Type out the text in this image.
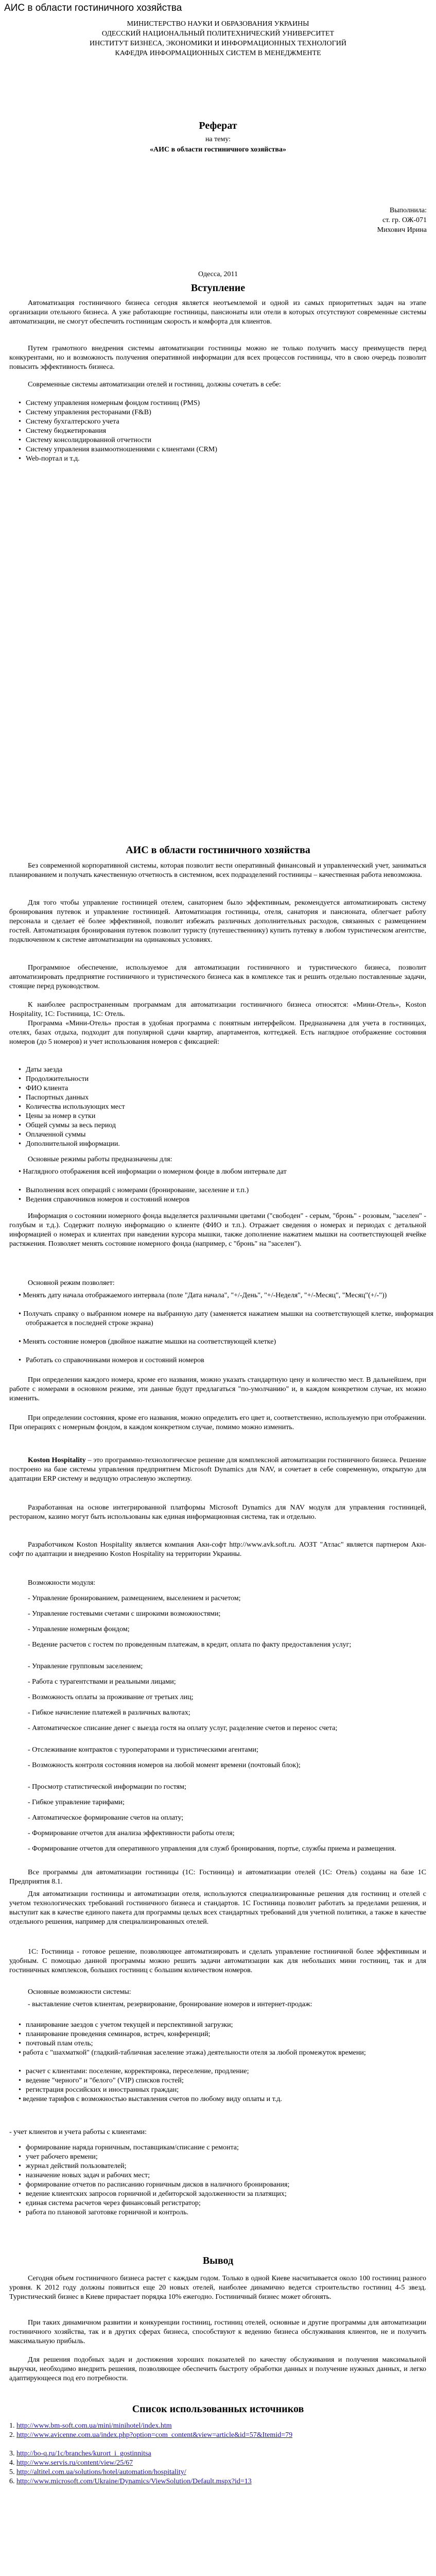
АИС в области гостиничного хозяйства
МИНИСТЕРСТВО НАУКИ И ОБРАЗОВАНИЯ УКРАИНЫ
ОДЕССКИЙ НАЦИОНАЛЬНЫЙ ПОЛИТЕХНИЧЕСКИЙ УНИВЕРСИТЕТ
ИНСТИТУТ БИЗНЕСА, ЭКОНОМИКИ И ИНФОРМАЦИОННЫХ ТЕХНОЛОГИЙ
КАФЕДРА ИНФОРМАЦИОННЫХ СИСТЕМ В МЕНЕДЖМЕНТЕ
Реферат
на тему:
«АИС в области гостиничного хозяйства»
Выполнила:
ст. гр. ОЖ-071
Михович Ирина
Одесса, 2011
Вступление
Автоматизация гостиничного бизнеса сегодня является неотъемлемой и одной из самых приоритетных задач на этапе организации отельного бизнеса. А уже работающие гостиницы, пансионаты или отели в которых отсутствуют современные системы автоматизации, не смогут обеспечить гостиницам скорость и комфорта для клиентов.
Путем грамотного внедрения системы автоматизации гостиницы можно не только получить массу преимуществ перед конкурентами, но и возможность получения оперативной информации для всех процессов гостиницы, что в свою очередь позволит повысить эффективность бизнеса.
Современные системы автоматизации отелей и гостиниц, должны сочетать в себе:
• Систему управления номерным фондом гостиниц (PMS)
• Систему управления ресторанами (F&B)
• Систему бухгалтерского учета
• Систему бюджетирования
• Систему консолидированной отчетности
• Систему управления взаимоотношениями с клиентами (CRM)
• Web-портал и т.д.
АИС в области гостиничного хозяйства
Без современной корпоративной системы, которая позволит вести оперативный финансовый и управленческий учет, заниматься планированием и получать качественную отчетность в системном, всех подразделений гостиницы – качественная работа невозможна.
Для того чтобы управление гостиницей отелем, санаторием было эффективным, рекомендуется автоматизировать систему бронирования путевок и управление гостиницей. Автоматизация гостиницы, отеля, санатория и пансионата, облегчает работу персонала и сделает её более эффективной, позволит избежать различных дополнительных расходов, связанных с размещением гостей. Автоматизация бронирования путевок позволит туристу (путешественнику) купить путевку в любом туристическом агентстве, подключенном к системе автоматизации на одинаковых условиях.
Программное обеспечение, используемое для автоматизации гостиничного и туристического бизнеса, позволит автоматизировать предприятие гостиничного и туристического бизнеса как в комплексе так и решить отдельно поставленные задачи, стоящие перед руководством.
К наиболее распространенным программам для автоматизации гостиничного бизнеса относятся: «Мини-Отель», Kostоn Hospitality, 1С: Гостиница, 1С: Отель.
Программа «Мини-Отель» простая в удобная программа с понятным интерфейсом. Предназначена для учета в гостиницах, отелях, базах отдыха, подходит для популярной сдачи квартир, апартаментов, коттеджей. Есть наглядное отображение состояния номеров (до 5 номеров) и учет использования номеров с фиксацией:
• Даты заезда
• Продолжительности
• ФИО клиента
• Паспортных данных
• Количества использующих мест
• Цены за номер в сутки
• Общей суммы за весь период
• Оплаченной суммы
• Дополнительной информации.
Основные режимы работы предназначены для:
• Наглядного отображения всей информации о номерном фонде в любом интервале дат
• Выполнения всех операций с номерами (бронирование, заселение и т.п.)
• Ведения справочников номеров и состояний номеров
Информация о состоянии номерного фонда выделяется различными цветами ("свободен" - серым, "бронь" - розовым, "заселен" - голубым и т.д.). Содержит полную информацию о клиенте (ФИО и т.п.). Отражает сведения о номерах и периодах с детальной информацией о номерах и клиентах при наведении курсора мышки, также дополнение нажатием мышки на соответствующей ячейке растяжения. Позволяет менять состояние номерного фонда (например, с "бронь" на "заселен").
Основной режим позволяет:
• Менять дату начала отображаемого интервала (поле "Дата начала", "+/-День", "+/-Неделя", "+/-Месяц", "Месяц"(+/-"))
• Получать справку о выбранном номере на выбранную дату (заменяется нажатием мышки на соответствующей клетке, информация отображается в последней строке экрана)
• Менять состояние номеров (двойное нажатие мышки на соответствующей клетке)
• Работать со справочниками номеров и состояний номеров
При определении каждого номера, кроме его названия, можно указать стандартную цену и количество мест. В дальнейшем, при работе с номерами в основном режиме, эти данные будут предлагаться "по-умолчанию" и, в каждом конкретном случае, их можно изменить.
При определении состояния, кроме его названия, можно определить его цвет и, соответственно, используемую при отображении. При операциях с номерным фондом, в каждом конкретном случае, помимо можно изменить.
Kostоn Hospitality – это программно-технологическое решение для комплексной автоматизации гостиничного бизнеса. Решение построено на базе системы управления предприятием Microsoft Dynamics для NAV, и сочетает в себе современную, открытую для адаптации ERP систему и ведущую отраслевую экспертизу.
Разработанная на основе интегрированной платформы Microsoft Dynamics для NAV модуля для управления гостиницей, рестораном, казино могут быть использованы как единая информационная система, так и отдельно.
Разработчиком Kostоn Hospitality является компания Акн-софт http://www.avk.soft.ru. АОЗТ "Атлас" является партнером Акн-софт по адаптации и внедрению Koston Hospitality на территории Украины.
Возможности модуля:
- Управление бронированием, размещением, выселением и расчетом;
- Управление гостевыми счетами с широкими возможностями;
- Управление номерным фондом;
- Ведение расчетов с гостем по проведенным платежам, в кредит, оплата по факту предоставления услуг;
- Управление групповым заселением;
- Работа с турагентствами и реальными лицами;
- Возможность оплаты за проживание от третьих лиц;
- Гибкое начисление платежей в различных валютах;
- Автоматическое списание денег с выезда гостя на оплату услуг, разделение счетов и перенос счета;
- Отслеживание контрактов с туроператорами и туристическими агентами;
- Возможность контроля состояния номеров на любой момент времени (почтовый блок);
- Просмотр статистической информации по гостям;
- Гибкое управление тарифами;
- Автоматическое формирование счетов на оплату;
- Формирование отчетов для анализа эффективности работы отеля;
- Формирование отчетов для оперативного управления для служб бронирования, портье, службы приема и размещения.
Все программы для автоматизации гостиницы (1С: Гостиница) и автоматизации отелей (1С: Отель) созданы на базе 1С Предприятия 8.1.
Для автоматизации гостиницы и автоматизации отеля, используются специализированные решения для гостиниц и отелей с учетом технологических требований гостиничного бизнеса и стандартов. 1С Гостиница позволит работать за пределами решения, и выступит как в качестве единого пакета для программы целых всех стандартных требований для учетной политики, а также в качестве отдельного решения, например для специализированных отелей.
1С: Гостиница - готовое решение, позволяющее автоматизировать и сделать управление гостиничной более эффективным и удобным. С помощью данной программы можно решить задачи автоматизации как для небольших мини гостиниц, так и для гостиничных комплексов, больших гостиниц с большим количеством номеров.
Основные возможности системы:
- выставление счетов клиентам, резервирование, бронирование номеров и интернет-продаж:
• планирование заездов с учетом текущей и перспективной загрузки;
• планирование проведения семинаров, встреч, конференций;
• почтовый плам отель;
• работа с "шахматкой" (гладкий-табличная заселение этажа) деятельности отеля за любой промежуток времени;
• расчет с клиентами: поселение, корректировка, переселение, продление;
• ведение "черного" и "белого" (VIP) списков гостей;
• регистрация российских и иностранных граждан;
• ведение тарифов с возможностью выставления счетов по любому виду оплаты и т.д.
- учет клиентов и учета работы с клиентами:
• формирование наряда горничным, поставщикам/списание с ремонта;
• учет рабочего времени;
• журнал действий пользователей;
• назначение новых задач и рабочих мест;
• формирование отчетов по расписанию горничным дисков в наличного бронирования;
• ведение клиентских запросов горничной и дебиторской задолженности за платящих;
• единая система расчетов через финансовый регистратор;
• работа по плановой заготовке горничной и контроль.
Вывод
Сегодня объем гостиничного бизнеса растет с каждым годом. Только в одной Киеве насчитывается около 100 гостиниц разного уровня. К 2012 году должны появиться еще 20 новых отелей, наиболее динамично ведется строительство гостиниц 4-5 звезд. Туристический бизнес в Киеве прирастает порядка 10% ежегодно. Гостиничный бизнес может обгонять.
При таких динамичном развитии и конкуренции гостиниц, гостиниц отелей, основные и другие программы для автоматизации гостиничного хозяйства, так и в других сферах бизнеса, способствуют к ведению бизнеса обслуживания клиентов, не и получить максимальную прибыль.
Для решения подобных задач и достижения хороших показателей по качеству обслуживания и получения максимальной выручки, необходимо внедрить решения, позволяющее обеспечить быстроту обработки данных и получение нужных данных, и легко адаптирующееся под его потребности.
Список использованных источников
1. http://www.bm-soft.com.ua/mini/minihotel/index.htm
2. http://www.avicenne.com.ua/index.php?option=com_content&view=article&id=57&Itemid=79
3. http://bo-q.ru/1c/branches/kurort_i_gostinnitsa
4. http://www.servis.ru/content/view/25/67
5. http://altitel.com.ua/solutions/hotel/automation/hospitality/
6. http://www.microsoft.com/Ukraine/Dynamics/ViewSolution/Default.mspx?id=13
